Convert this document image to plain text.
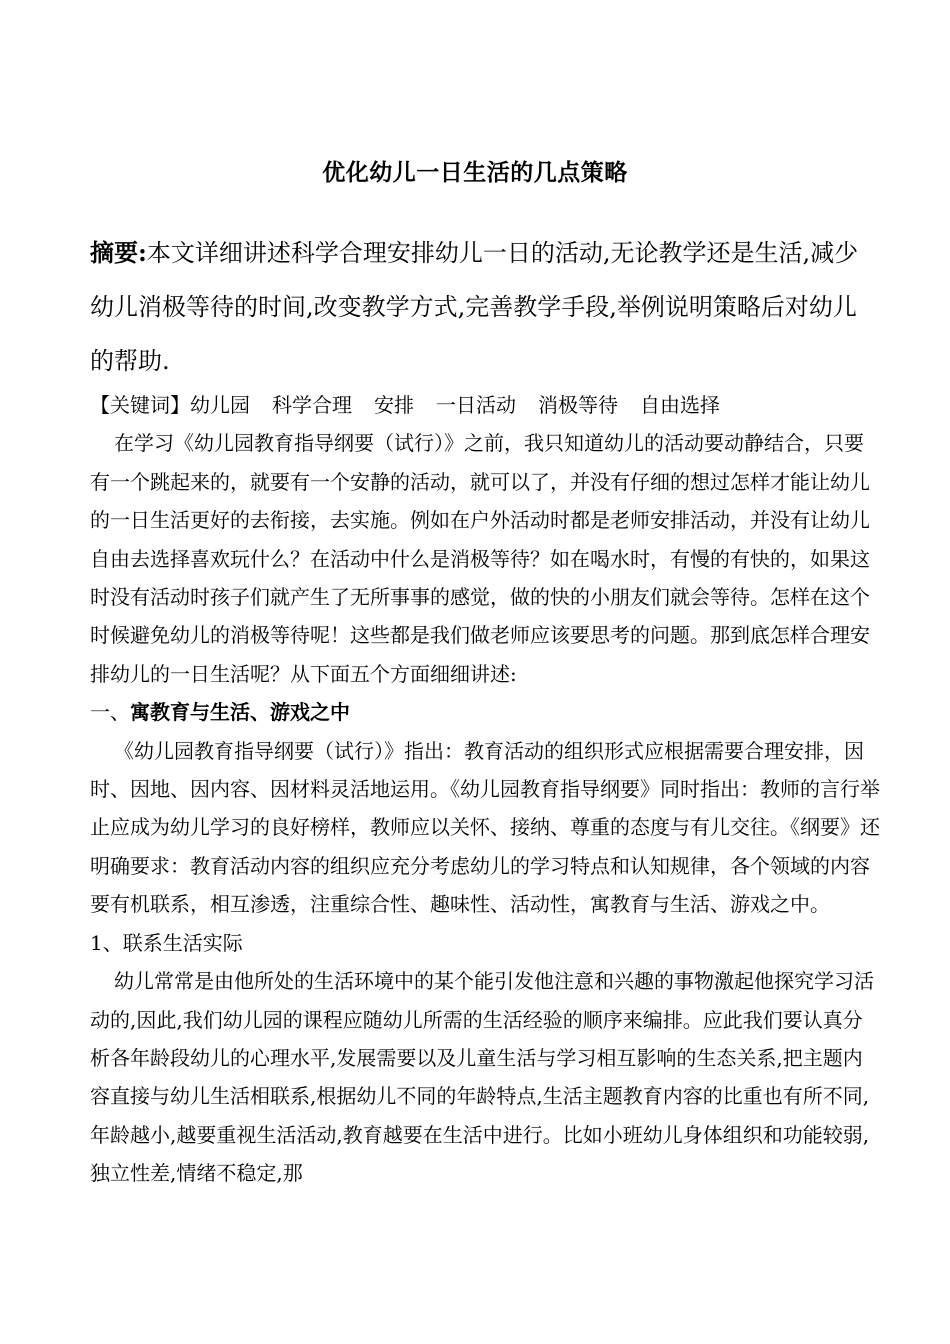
优化幼儿一日生活的几点策略
摘要:本文详细讲述科学合理安排幼儿一日的活动,无论教学还是生活,减少幼儿消极等待的时间,改变教学方式,完善教学手段,举例说明策略后对幼儿的帮助.

【关键词】幼儿园 科学合理 安排 一日活动 消极等待 自由选择

在学习《幼儿园教育指导纲要（试行）》之前，我只知道幼儿的活动要动静结合，只要有一个跳起来的，就要有一个安静的活动，就可以了，并没有仔细的想过怎样才能让幼儿的一日生活更好的去衔接，去实施。例如在户外活动时都是老师安排活动，并没有让幼儿自由去选择喜欢玩什么？在活动中什么是消极等待？如在喝水时，有慢的有快的，如果这时没有活动时孩子们就产生了无所事事的感觉，做的快的小朋友们就会等待。怎样在这个时候避免幼儿的消极等待呢！这些都是我们做老师应该要思考的问题。那到底怎样合理安排幼儿的一日生活呢？从下面五个方面细细讲述:

一、寓教育与生活、游戏之中

《幼儿园教育指导纲要（试行）》指出：教育活动的组织形式应根据需要合理安排，因时、因地、因内容、因材料灵活地运用。《幼儿园教育指导纲要》同时指出：教师的言行举止应成为幼儿学习的良好榜样，教师应以关怀、接纳、尊重的态度与有儿交往。《纲要》还明确要求：教育活动内容的组织应充分考虑幼儿的学习特点和认知规律，各个领域的内容要有机联系，相互渗透，注重综合性、趣味性、活动性，寓教育与生活、游戏之中。

1、联系生活实际

幼儿常常是由他所处的生活环境中的某个能引发他注意和兴趣的事物激起他探究学习活动的,因此,我们幼儿园的课程应随幼儿所需的生活经验的顺序来编排。应此我们要认真分析各年龄段幼儿的心理水平,发展需要以及儿童生活与学习相互影响的生态关系,把主题内容直接与幼儿生活相联系,根据幼儿不同的年龄特点,生活主题教育内容的比重也有所不同,年龄越小,越要重视生活活动,教育越要在生活中进行。比如小班幼儿身体组织和功能较弱,独立性差,情绪不稳定,那
